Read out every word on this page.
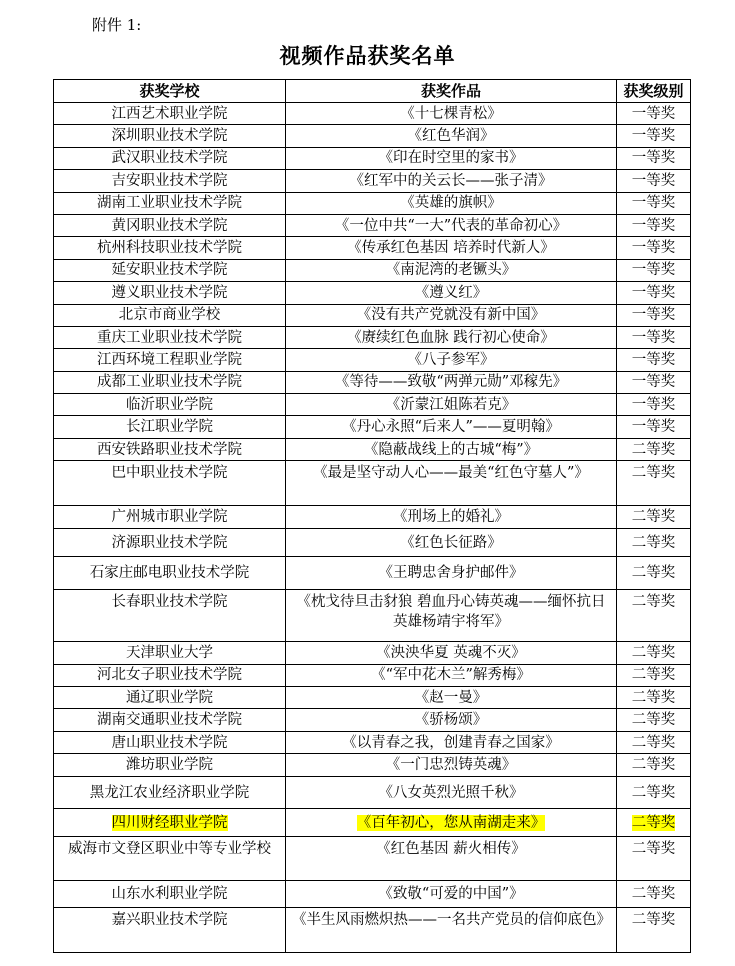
附件 1:
视频作品获奖名单
获奖学校	获奖作品	获奖级别
江西艺术职业学院	《十七棵青松》	一等奖
深圳职业技术学院	《红色华润》	一等奖
武汉职业技术学院	《印在时空里的家书》	一等奖
吉安职业技术学院	《红军中的关云长——张子清》	一等奖
湖南工业职业技术学院	《英雄的旗帜》	一等奖
黄冈职业技术学院	《一位中共“一大”代表的革命初心》	一等奖
杭州科技职业技术学院	《传承红色基因 培养时代新人》	一等奖
延安职业技术学院	《南泥湾的老镢头》	一等奖
遵义职业技术学院	《遵义红》	一等奖
北京市商业学校	《没有共产党就没有新中国》	一等奖
重庆工业职业技术学院	《赓续红色血脉 践行初心使命》	一等奖
江西环境工程职业学院	《八子参军》	一等奖
成都工业职业技术学院	《等待——致敬“两弹元勋”邓稼先》	一等奖
临沂职业学院	《沂蒙江姐陈若克》	一等奖
长江职业学院	《丹心永照“后来人”——夏明翰》	一等奖
西安铁路职业技术学院	《隐蔽战线上的古城“梅”》	二等奖
巴中职业技术学院	《最是坚守动人心——最美“红色守墓人”》	二等奖
广州城市职业学院	《刑场上的婚礼》	二等奖
济源职业技术学院	《红色长征路》	二等奖
石家庄邮电职业技术学院	《王聘忠舍身护邮件》	二等奖
长春职业技术学院	《枕戈待旦击豺狼 碧血丹心铸英魂——缅怀抗日英雄杨靖宇将军》	二等奖
天津职业大学	《泱泱华夏 英魂不灭》	二等奖
河北女子职业技术学院	《“军中花木兰”解秀梅》	二等奖
通辽职业学院	《赵一曼》	二等奖
湖南交通职业技术学院	《骄杨颂》	二等奖
唐山职业技术学院	《以青春之我，创建青春之国家》	二等奖
潍坊职业学院	《一门忠烈铸英魂》	二等奖
黑龙江农业经济职业学院	《八女英烈光照千秋》	二等奖
四川财经职业学院	《百年初心，您从南湖走来》	二等奖
威海市文登区职业中等专业学校	《红色基因 薪火相传》	二等奖
山东水利职业学院	《致敬“可爱的中国”》	二等奖
嘉兴职业技术学院	《半生风雨燃炽热——一名共产党员的信仰底色》	二等奖
